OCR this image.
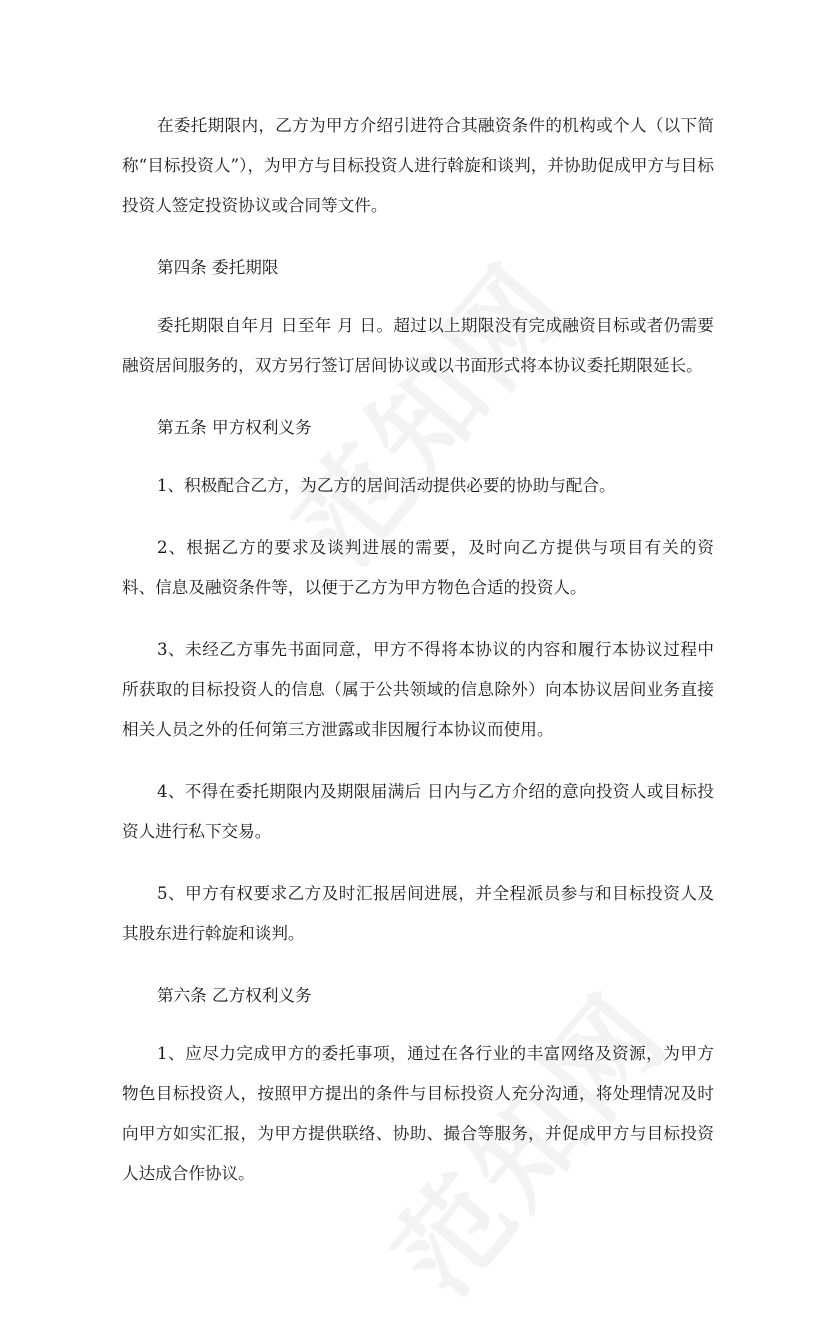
在委托期限内，乙方为甲方介绍引进符合其融资条件的机构或个人（以下简称“目标投资人”），为甲方与目标投资人进行斡旋和谈判，并协助促成甲方与目标投资人签定投资协议或合同等文件。

第四条 委托期限

委托期限自年月 日至年 月 日。超过以上期限没有完成融资目标或者仍需要融资居间服务的，双方另行签订居间协议或以书面形式将本协议委托期限延长。

第五条 甲方权利义务

1、积极配合乙方，为乙方的居间活动提供必要的协助与配合。

2、根据乙方的要求及谈判进展的需要，及时向乙方提供与项目有关的资料、信息及融资条件等，以便于乙方为甲方物色合适的投资人。

3、未经乙方事先书面同意，甲方不得将本协议的内容和履行本协议过程中所获取的目标投资人的信息（属于公共领域的信息除外）向本协议居间业务直接相关人员之外的任何第三方泄露或非因履行本协议而使用。

4、不得在委托期限内及期限届满后 日内与乙方介绍的意向投资人或目标投资人进行私下交易。

5、甲方有权要求乙方及时汇报居间进展，并全程派员参与和目标投资人及其股东进行斡旋和谈判。

第六条 乙方权利义务

1、应尽力完成甲方的委托事项，通过在各行业的丰富网络及资源，为甲方物色目标投资人，按照甲方提出的条件与目标投资人充分沟通，将处理情况及时向甲方如实汇报，为甲方提供联络、协助、撮合等服务，并促成甲方与目标投资人达成合作协议。
